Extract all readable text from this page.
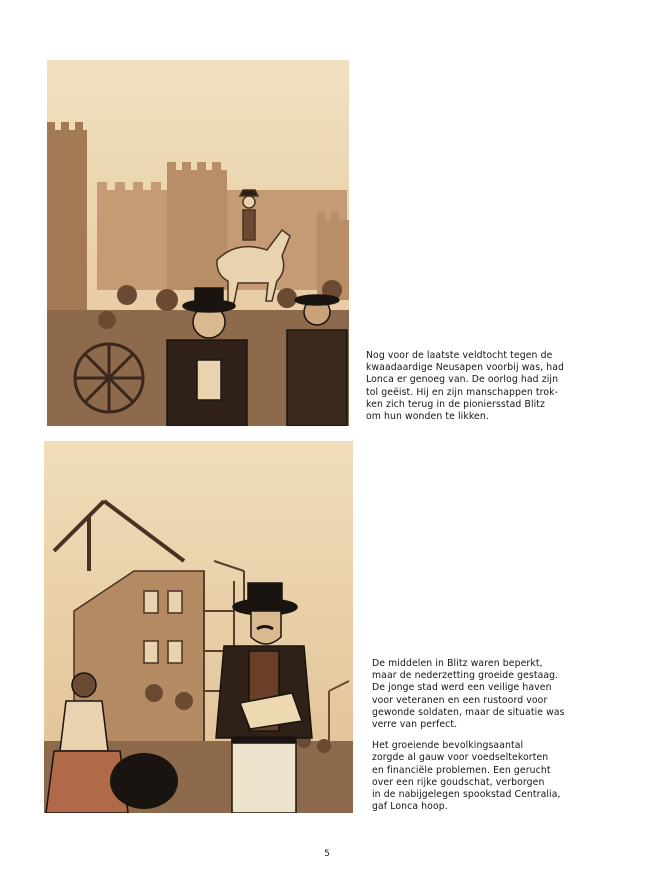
Nog voor de laatste veldtocht tegen de
kwaadaardige Neusapen voorbij was, had
Lonca er genoeg van. De oorlog had zijn
tol geëist. Hij en zijn manschappen trok-
ken zich terug in de pioniersstad Blitz
om hun wonden te likken.

De middelen in Blitz waren beperkt,
maar de nederzetting groeide gestaag.
De jonge stad werd een veilige haven
voor veteranen en een rustoord voor
gewonde soldaten, maar de situatie was
verre van perfect.

Het groeiende bevolkingsaantal
zorgde al gauw voor voedseltekorten
en financiële problemen. Een gerucht
over een rijke goudschat, verborgen
in de nabijgelegen spookstad Centralia,
gaf Lonca hoop.

5
